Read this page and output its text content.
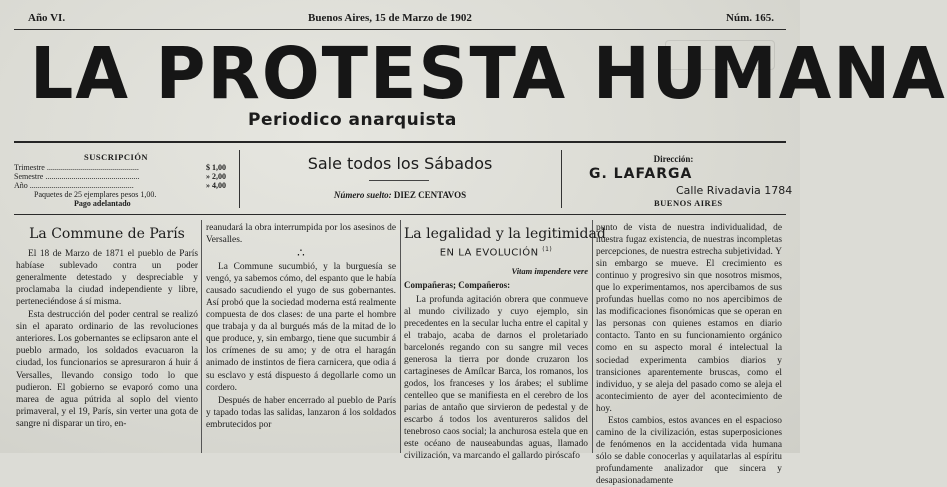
Año VI.	Buenos Aires, 15 de Marzo de 1902	Núm. 165.
LA PROTESTA HUMANA
Periodico anarquista
SUSCRIPCIÓN
Trimestre ..............................................	$ 1,00
Semestre ...............................................	» 2,00
Año ....................................................	» 4,00
Paquetes de 25 ejemplares pesos 1,00.
Pago adelantado
Sale todos los Sábados
Número suelto: DIEZ CENTAVOS
Dirección:
G. LAFARGA
Calle Rivadavia 1784
BUENOS AIRES
La Commune de París

El 18 de Marzo de 1871 el pueblo de París habíase sublevado contra un poder generalmente detestado y despreciable y proclamaba la ciudad independiente y libre, perteneciéndose á sí misma.

Esta destrucción del poder central se realizó sin el aparato ordinario de las revoluciones anteriores. Los gobernantes se eclipsaron ante el pueblo armado, los soldados evacuaron la ciudad, los funcionarios se apresuraron á huir á Versalles, llevando consigo todo lo que pudieron. El gobierno se evaporó como una marea de agua pútrida al soplo del viento primaveral, y el 19, París, sin verter una gota de sangre ni disparar un tiro, en-

reanudará la obra interrumpida por los asesinos de Versalles.

∴

La Commune sucumbió, y la burguesía se vengó, ya sabemos cómo, del espanto que le había causado sacudiendo el yugo de sus gobernantes. Así probó que la sociedad moderna está realmente compuesta de dos clases: de una parte el hombre que trabaja y da al burgués más de la mitad de lo que produce, y, sin embargo, tiene que sucumbir á los crímenes de su amo; y de otra el haragán animado de instintos de fiera carnicera, que odia á su esclavo y está dispuesto á degollarle como un cordero.

Después de haber encerrado al pueblo de París y tapado todas las salidas, lanzaron á los soldados embrutecidos por

La legalidad y la legitimidad
EN LA EVOLUCIÓN $^{(1)}$
Vitam impendere vere
Compañeras; Compañeros:

La profunda agitación obrera que conmueve al mundo civilizado y cuyo ejemplo, sin precedentes en la secular lucha entre el capital y el trabajo, acaba de darnos el proletariado barcelonés regando con su sangre mil veces generosa la tierra por donde cruzaron los cartagineses de Amílcar Barca, los romanos, los godos, los franceses y los árabes; el sublime centelleo que se manifiesta en el cerebro de los parias de antaño que sirvieron de pedestal y de escarbo á todos los aventureros salidos del tenebroso caos social; la anchurosa estela que en este océano de nauseabundas aguas, llamado civilización, va marcando el gallardo piróscafo

punto de vista de nuestra individualidad, de nuestra fugaz existencia, de nuestras incompletas percepciones, de nuestra estrecha subjetividad. Y sin embargo se mueve. El crecimiento es continuo y progresivo sin que nosotros mismos, que lo experimentamos, nos apercibamos de sus profundas huellas como no nos apercibimos de las modificaciones fisonómicas que se operan en las personas con quienes estamos en diario contacto. Tanto en su funcionamiento orgánico como en su aspecto moral é intelectual la sociedad experimenta cambios diarios y transiciones aparentemente bruscas, como el individuo, y se aleja del pasado como se aleja el acontecimiento de ayer del acontecimiento de hoy.

Estos cambios, estos avances en el espacioso camino de la civilización, estas superposiciones de fenómenos en la accidentada vida humana sólo se dable conocerlas y aquilatarlas al espíritu profundamente analizador que sincera y desapasionadamente
